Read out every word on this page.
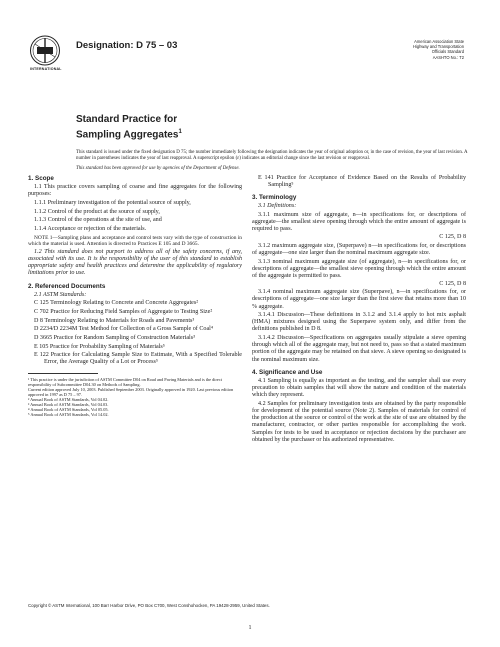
INTERNATIONAL
Designation: D 75 – 03	American Association State
Highway and Transportation
Officials Standard
AASHTO No.: T2
Standard Practice for
Sampling Aggregates$^1$

This standard is issued under the fixed designation D 75; the number immediately following the designation indicates the year of original adoption or, in the case of revision, the year of last revision. A number in parentheses indicates the year of last reapproval. A superscript epsilon (ε) indicates an editorial change since the last revision or reapproval.

This standard has been approved for use by agencies of the Department of Defense.

1. Scope

1.1 This practice covers sampling of coarse and fine aggregates for the following purposes:

1.1.1 Preliminary investigation of the potential source of supply,

1.1.2 Control of the product at the source of supply,

1.1.3 Control of the operations at the site of use, and

1.1.4 Acceptance or rejection of the materials.

NOTE 1—Sampling plans and acceptance and control tests vary with the type of construction in which the material is used. Attention is directed to Practices E 105 and D 3665.

1.2 This standard does not purport to address all of the safety concerns, if any, associated with its use. It is the responsibility of the user of this standard to establish appropriate safety and health practices and determine the applicability of regulatory limitations prior to use.

2. Referenced Documents

2.1 ASTM Standards:

C 125 Terminology Relating to Concrete and Concrete Aggregates²

C 702 Practice for Reducing Field Samples of Aggregate to Testing Size²

D 8 Terminology Relating to Materials for Roads and Pavements³

D 2234/D 2234M Test Method for Collection of a Gross Sample of Coal⁴

D 3665 Practice for Random Sampling of Construction Materials³

E 105 Practice for Probability Sampling of Materials⁵

E 122 Practice for Calculating Sample Size to Estimate, With a Specified Tolerable Error, the Average Quality of a Lot or Process⁵

¹ This practice is under the jurisdiction of ASTM Committee D04 on Road and Paving Materials and is the direct responsibility of Subcommittee D04.30 on Methods of Sampling.

Current edition approved July 10, 2003. Published September 2003. Originally approved in 1920. Last previous edition approved in 1997 as D 75 – 97.

² Annual Book of ASTM Standards, Vol 04.02.

³ Annual Book of ASTM Standards, Vol 04.03.

⁴ Annual Book of ASTM Standards, Vol 05.05.

⁵ Annual Book of ASTM Standards, Vol 14.02.

E 141 Practice for Acceptance of Evidence Based on the Results of Probability Sampling⁵

3. Terminology

3.1 Definitions:

3.1.1 maximum size of aggregate, n—in specifications for, or descriptions of aggregate—the smallest sieve opening through which the entire amount of aggregate is required to pass.

C 125, D 8

3.1.2 maximum aggregate size, (Superpave) n—in specifications for, or descriptions of aggregate—one size larger than the nominal maximum aggregate size.

3.1.3 nominal maximum aggregate size (of aggregate), n—in specifications for, or descriptions of aggregate—the smallest sieve opening through which the entire amount of the aggregate is permitted to pass.

C 125, D 8

3.1.4 nominal maximum aggregate size (Superpave), n—in specifications for, or descriptions of aggregate—one size larger than the first sieve that retains more than 10 % aggregate.

3.1.4.1 Discussion—These definitions in 3.1.2 and 3.1.4 apply to hot mix asphalt (HMA) mixtures designed using the Superpave system only, and differ from the definitions published in D 8.

3.1.4.2 Discussion—Specifications on aggregates usually stipulate a sieve opening through which all of the aggregate may, but not need to, pass so that a stated maximum portion of the aggregate may be retained on that sieve. A sieve opening so designated is the nominal maximum size.

4. Significance and Use

4.1 Sampling is equally as important as the testing, and the sampler shall use every precaution to obtain samples that will show the nature and condition of the materials which they represent.

4.2 Samples for preliminary investigation tests are obtained by the party responsible for development of the potential source (Note 2). Samples of materials for control of the production at the source or control of the work at the site of use are obtained by the manufacturer, contractor, or other parties responsible for accomplishing the work. Samples for tests to be used in acceptance or rejection decisions by the purchaser are obtained by the purchaser or his authorized representative.

Copyright © ASTM International, 100 Barr Harbor Drive, PO Box C700, West Conshohocken, PA 19428-2959, United States.
1
